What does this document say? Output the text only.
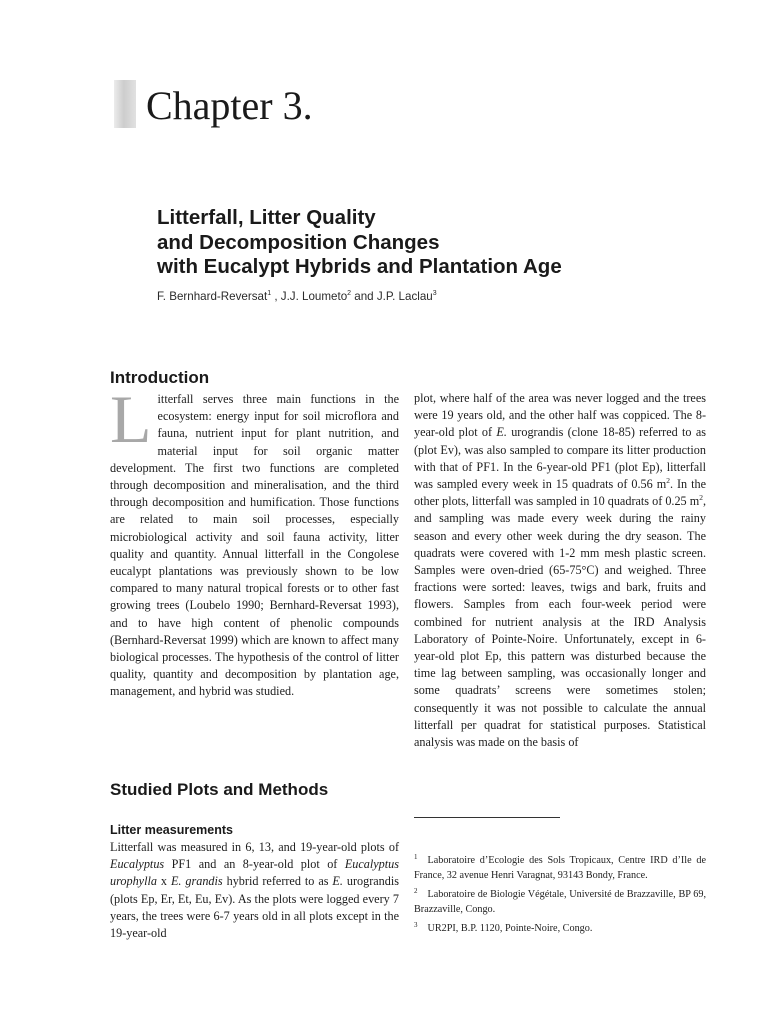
Chapter 3.
Litterfall, Litter Quality
and Decomposition Changes
with Eucalypt Hybrids and Plantation Age
F. Bernhard-Reversat$^1$ , J.J. Loumeto$^2$ and J.P. Laclau$^3$
Introduction
Litterfall serves three main functions in the ecosystem: energy input for soil microflora and fauna, nutrient input for plant nutrition, and material input for soil organic matter development. The first two functions are completed through decomposition and mineralisation, and the third through decomposition and humification. Those functions are related to main soil processes, especially microbiological activity and soil fauna activity, litter quality and quantity. Annual litterfall in the Congolese eucalypt plantations was previously shown to be low compared to many natural tropical forests or to other fast growing trees (Loubelo 1990; Bernhard-Reversat 1993), and to have high content of phenolic compounds (Bernhard-Reversat 1999) which are known to affect many biological processes. The hypothesis of the control of litter quality, quantity and decomposition by plantation age, management, and hybrid was studied.
Studied Plots and Methods
Litter measurements

Litterfall was measured in 6, 13, and 19-year-old plots of Eucalyptus PF1 and an 8-year-old plot of Eucalyptus urophylla x E. grandis hybrid referred to as E. urograndis (plots Ep, Er, Et, Eu, Ev). As the plots were logged every 7 years, the trees were 6-7 years old in all plots except in the 19-year-old

plot, where half of the area was never logged and the trees were 19 years old, and the other half was coppiced. The 8-year-old plot of E. urograndis (clone 18-85) referred to as (plot Ev), was also sampled to compare its litter production with that of PF1. In the 6-year-old PF1 (plot Ep), litterfall was sampled every week in 15 quadrats of 0.56 $m^2$. In the other plots, litterfall was sampled in 10 quadrats of 0.25 $m^2$, and sampling was made every week during the rainy season and every other week during the dry season. The quadrats were covered with 1-2 mm mesh plastic screen. Samples were oven-dried (65-75°C) and weighed. Three fractions were sorted: leaves, twigs and bark, fruits and flowers. Samples from each four-week period were combined for nutrient analysis at the IRD Analysis Laboratory of Pointe-Noire. Unfortunately, except in 6-year-old plot Ep, this pattern was disturbed because the time lag between sampling, was occasionally longer and some quadrats’ screens were sometimes stolen; consequently it was not possible to calculate the annual litterfall per quadrat for statistical purposes. Statistical analysis was made on the basis of

$^1$ Laboratoire d’Ecologie des Sols Tropicaux, Centre IRD d’Ile de France, 32 avenue Henri Varagnat, 93143 Bondy, France.

$^2$ Laboratoire de Biologie Végétale, Université de Brazzaville, BP 69, Brazzaville, Congo.

$^3$ UR2PI, B.P. 1120, Pointe-Noire, Congo.
